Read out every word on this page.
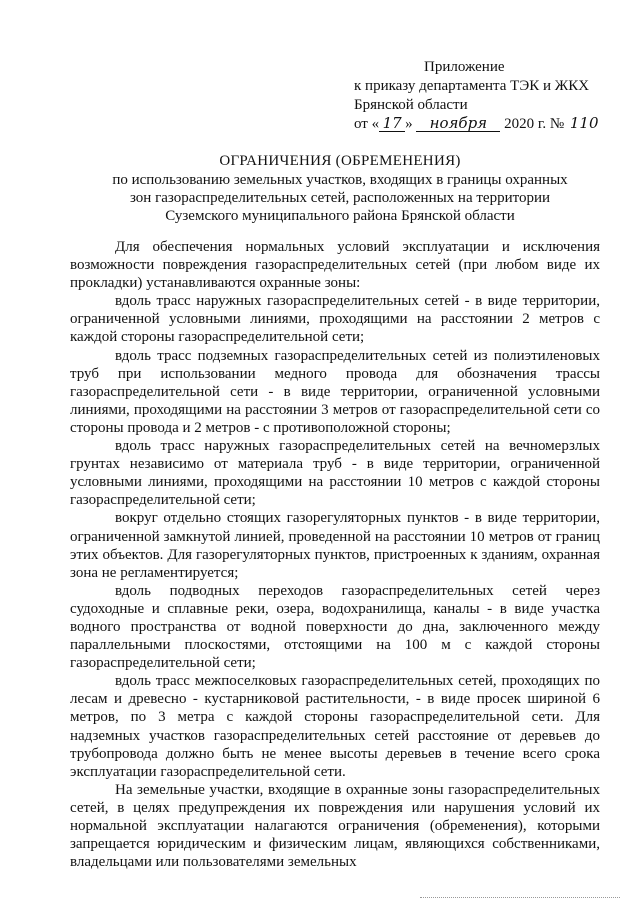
Приложение
к приказу департамента ТЭК и ЖКХ
Брянской области
от « 17 » ноября 2020 г. № 110
ОГРАНИЧЕНИЯ (ОБРЕМЕНЕНИЯ)
по использованию земельных участков, входящих в границы охранных
зон газораспределительных сетей, расположенных на территории
Суземского муниципального района Брянской области

Для обеспечения нормальных условий эксплуатации и исключения возможности повреждения газораспределительных сетей (при любом виде их прокладки) устанавливаются охранные зоны:

вдоль трасс наружных газораспределительных сетей - в виде территории, ограниченной условными линиями, проходящими на расстоянии 2 метров с каждой стороны газораспределительной сети;

вдоль трасс подземных газораспределительных сетей из полиэтиленовых труб при использовании медного провода для обозначения трассы газораспределительной сети - в виде территории, ограниченной условными линиями, проходящими на расстоянии 3 метров от газораспределительной сети со стороны провода и 2 метров - с противоположной стороны;

вдоль трасс наружных газораспределительных сетей на вечномерзлых грунтах независимо от материала труб - в виде территории, ограниченной условными линиями, проходящими на расстоянии 10 метров с каждой стороны газораспределительной сети;

вокруг отдельно стоящих газорегуляторных пунктов - в виде территории, ограниченной замкнутой линией, проведенной на расстоянии 10 метров от границ этих объектов. Для газорегуляторных пунктов, пристроенных к зданиям, охранная зона не регламентируется;

вдоль подводных переходов газораспределительных сетей через судоходные и сплавные реки, озера, водохранилища, каналы - в виде участка водного пространства от водной поверхности до дна, заключенного между параллельными плоскостями, отстоящими на 100 м с каждой стороны газораспределительной сети;

вдоль трасс межпоселковых газораспределительных сетей, проходящих по лесам и древесно - кустарниковой растительности, - в виде просек шириной 6 метров, по 3 метра с каждой стороны газораспределительной сети. Для надземных участков газораспределительных сетей расстояние от деревьев до трубопровода должно быть не менее высоты деревьев в течение всего срока эксплуатации газораспределительной сети.

На земельные участки, входящие в охранные зоны газораспределительных сетей, в целях предупреждения их повреждения или нарушения условий их нормальной эксплуатации налагаются ограничения (обременения), которыми запрещается юридическим и физическим лицам, являющихся собственниками, владельцами или пользователями земельных
